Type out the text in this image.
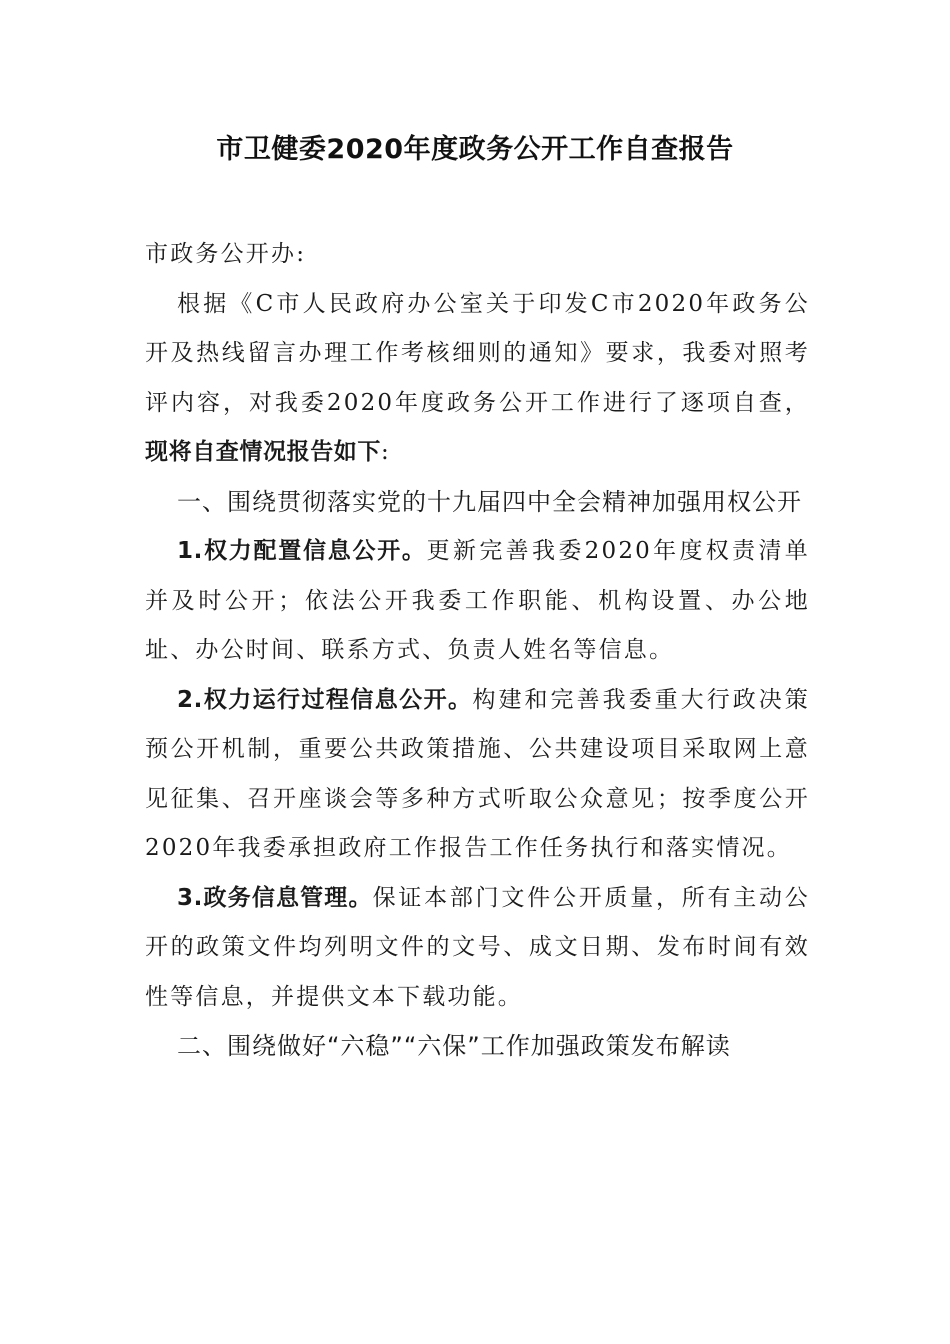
市卫健委2020年度政务公开工作自查报告

市政务公开办:

根据《C市人民政府办公室关于印发C市2020年政务公开及热线留言办理工作考核细则的通知》要求，我委对照考评内容，对我委2020年度政务公开工作进行了逐项自查，现将自查情况报告如下:

一、围绕贯彻落实党的十九届四中全会精神加强用权公开

1.权力配置信息公开。更新完善我委2020年度权责清单并及时公开；依法公开我委工作职能、机构设置、办公地址、办公时间、联系方式、负责人姓名等信息。

2.权力运行过程信息公开。构建和完善我委重大行政决策预公开机制，重要公共政策措施、公共建设项目采取网上意见征集、召开座谈会等多种方式听取公众意见；按季度公开2020年我委承担政府工作报告工作任务执行和落实情况。

3.政务信息管理。保证本部门文件公开质量，所有主动公开的政策文件均列明文件的文号、成文日期、发布时间有效性等信息，并提供文本下载功能。

二、围绕做好“六稳”“六保”工作加强政策发布解读
